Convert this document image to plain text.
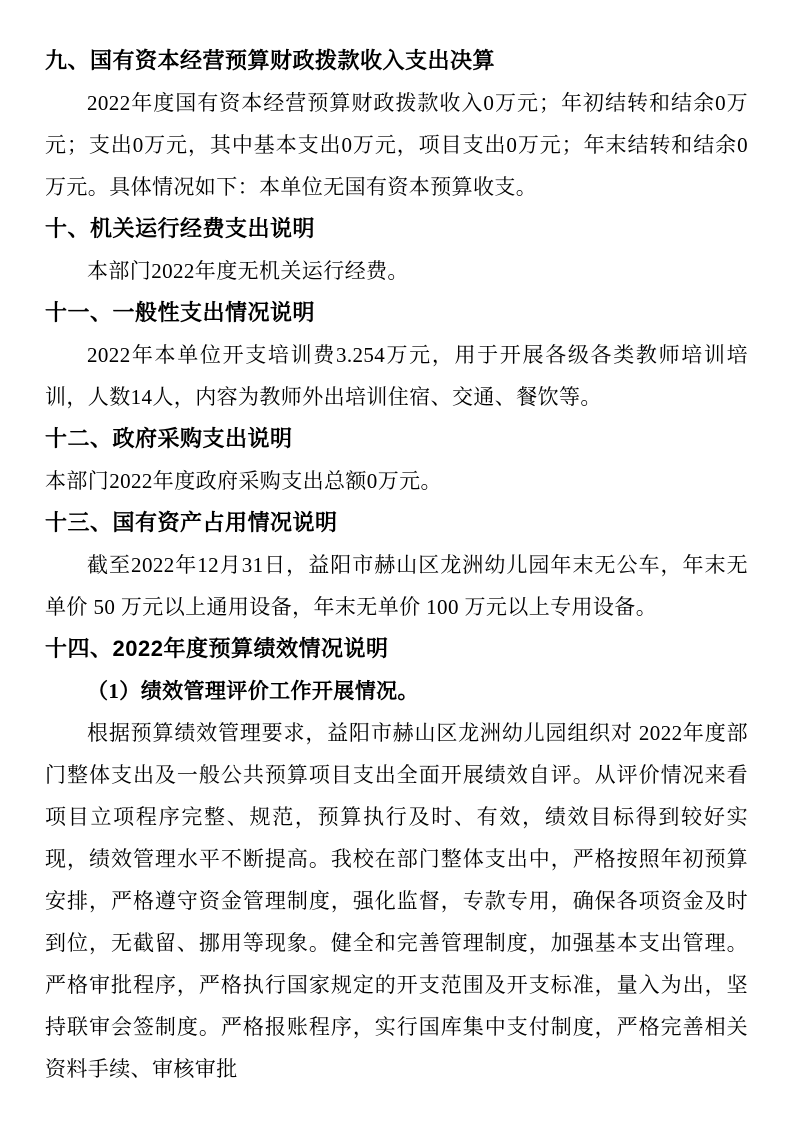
九、国有资本经营预算财政拨款收入支出决算

2022年度国有资本经营预算财政拨款收入0万元；年初结转和结余0万元；支出0万元，其中基本支出0万元，项目支出0万元；年末结转和结余0万元。具体情况如下：本单位无国有资本预算收支。

十、机关运行经费支出说明

本部门2022年度无机关运行经费。

十一、一般性支出情况说明

2022年本单位开支培训费3.254万元，用于开展各级各类教师培训培训，人数14人，内容为教师外出培训住宿、交通、餐饮等。

十二、政府采购支出说明

本部门2022年度政府采购支出总额0万元。

十三、国有资产占用情况说明

截至2022年12月31日，益阳市赫山区龙洲幼儿园年末无公车，年末无单价 50 万元以上通用设备，年末无单价 100 万元以上专用设备。

十四、2022年度预算绩效情况说明

（1）绩效管理评价工作开展情况。

根据预算绩效管理要求，益阳市赫山区龙洲幼儿园组织对 2022年度部门整体支出及一般公共预算项目支出全面开展绩效自评。从评价情况来看项目立项程序完整、规范，预算执行及时、有效，绩效目标得到较好实现，绩效管理水平不断提高。我校在部门整体支出中，严格按照年初预算安排，严格遵守资金管理制度，强化监督，专款专用，确保各项资金及时到位，无截留、挪用等现象。健全和完善管理制度，加强基本支出管理。严格审批程序，严格执行国家规定的开支范围及开支标准，量入为出，坚持联审会签制度。严格报账程序，实行国库集中支付制度，严格完善相关资料手续、审核审批
